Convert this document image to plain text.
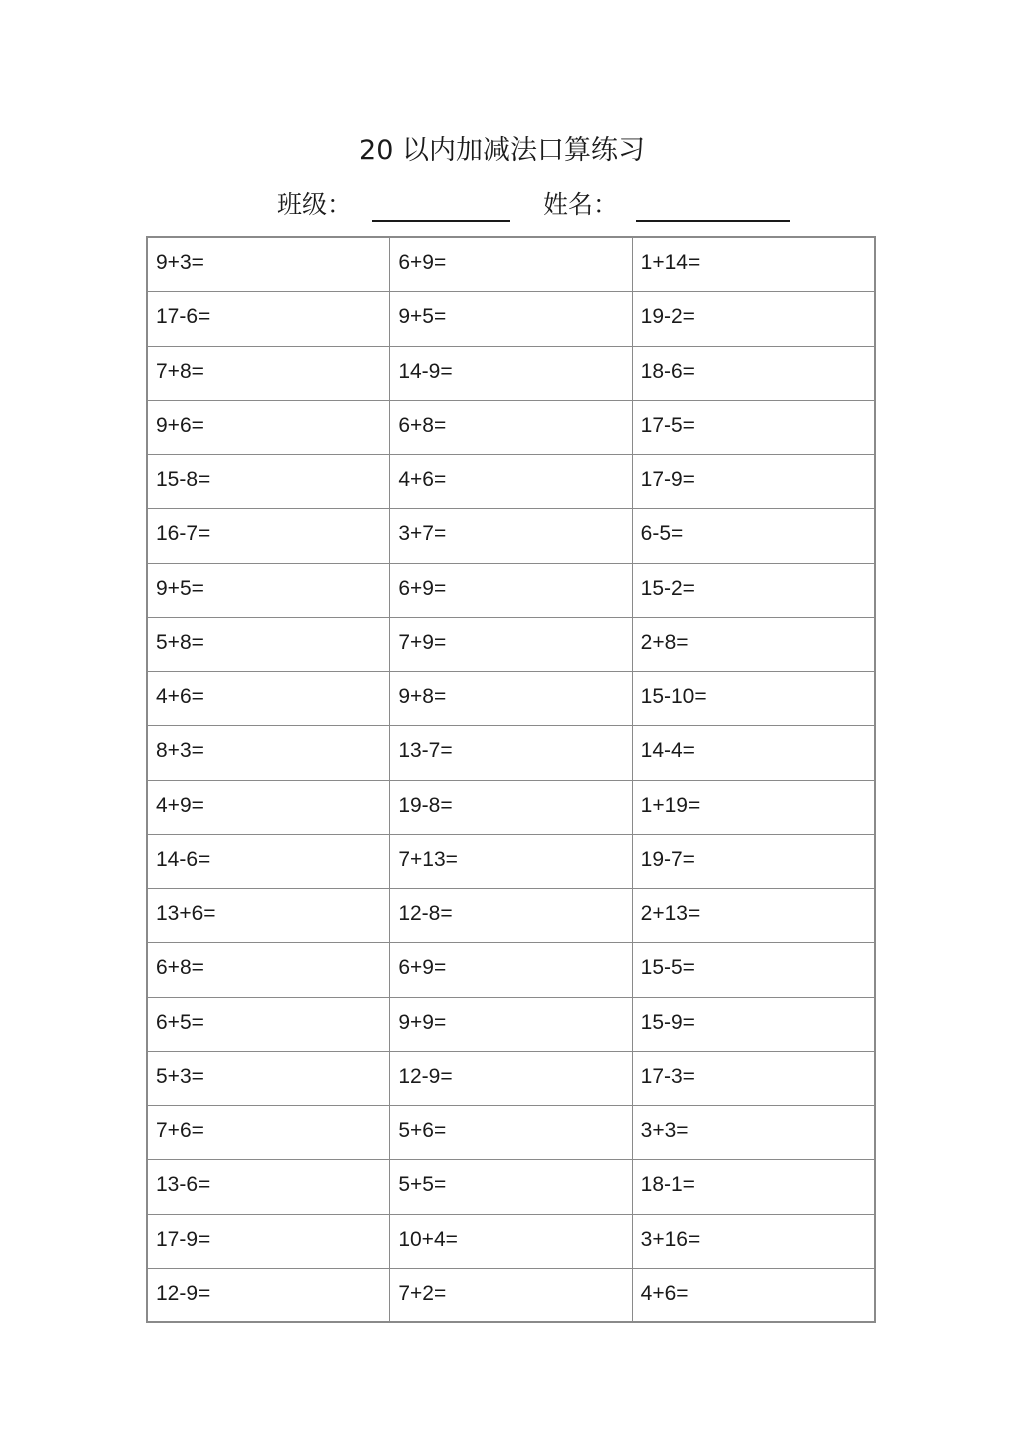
20 以内加减法口算练习
班级：	姓名：
9+3=	6+9=	1+14=
17-6=	9+5=	19-2=
7+8=	14-9=	18-6=
9+6=	6+8=	17-5=
15-8=	4+6=	17-9=
16-7=	3+7=	6-5=
9+5=	6+9=	15-2=
5+8=	7+9=	2+8=
4+6=	9+8=	15-10=
8+3=	13-7=	14-4=
4+9=	19-8=	1+19=
14-6=	7+13=	19-7=
13+6=	12-8=	2+13=
6+8=	6+9=	15-5=
6+5=	9+9=	15-9=
5+3=	12-9=	17-3=
7+6=	5+6=	3+3=
13-6=	5+5=	18-1=
17-9=	10+4=	3+16=
12-9=	7+2=	4+6=
